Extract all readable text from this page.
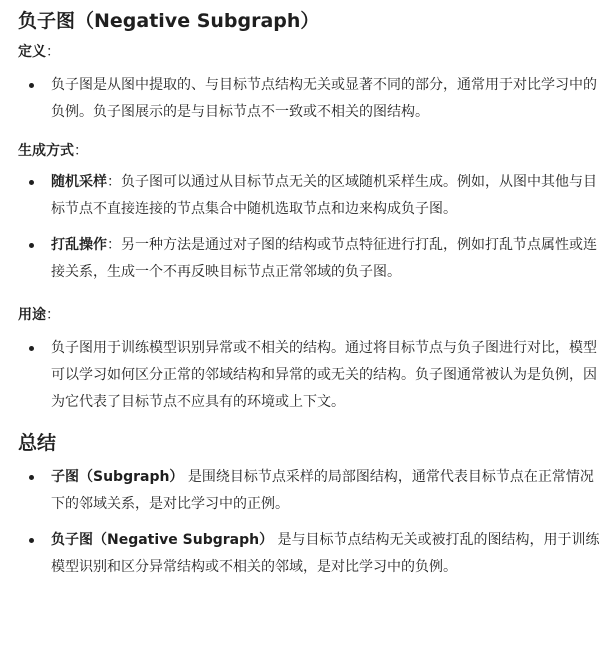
负子图（Negative Subgraph）
定义：
负子图是从图中提取的、与目标节点结构无关或显著不同的部分，通常用于对比学习中的负例。负子图展示的是与目标节点不一致或不相关的图结构。
生成方式：
随机采样：负子图可以通过从目标节点无关的区域随机采样生成。例如，从图中其他与目标节点不直接连接的节点集合中随机选取节点和边来构成负子图。
打乱操作：另一种方法是通过对子图的结构或节点特征进行打乱，例如打乱节点属性或连接关系，生成一个不再反映目标节点正常邻域的负子图。
用途：
负子图用于训练模型识别异常或不相关的结构。通过将目标节点与负子图进行对比，模型可以学习如何区分正常的邻域结构和异常的或无关的结构。负子图通常被认为是负例，因为它代表了目标节点不应具有的环境或上下文。
总结
子图（Subgraph） 是围绕目标节点采样的局部图结构，通常代表目标节点在正常情况下的邻域关系，是对比学习中的正例。
负子图（Negative Subgraph） 是与目标节点结构无关或被打乱的图结构，用于训练模型识别和区分异常结构或不相关的邻域，是对比学习中的负例。
